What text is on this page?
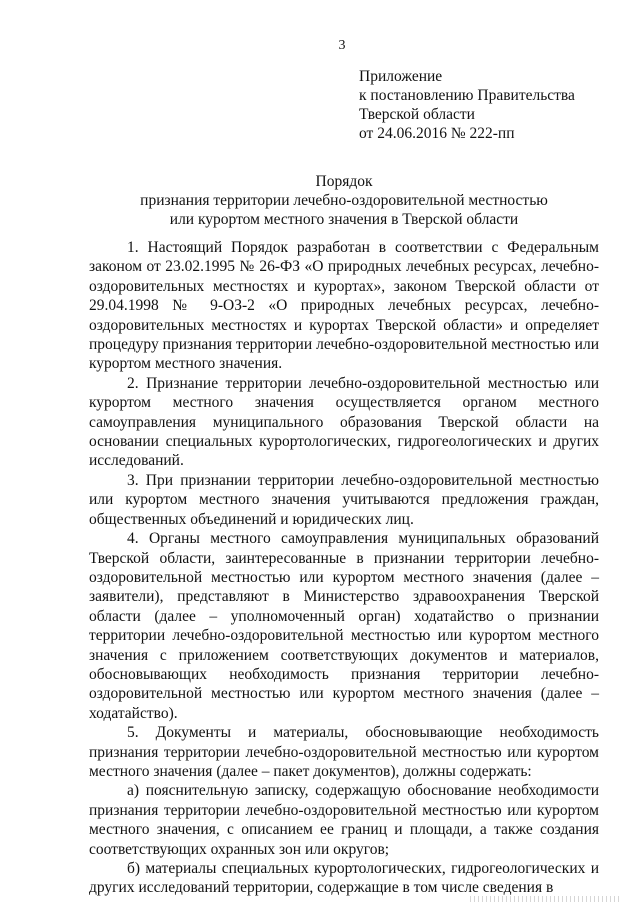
3
Приложение
к постановлению Правительства
Тверской области
от 24.06.2016 № 222-пп
Порядок
признания территории лечебно-оздоровительной местностью
или курортом местного значения в Тверской области

1. Настоящий Порядок разработан в соответствии с Федеральным законом от 23.02.1995 № 26-ФЗ «О природных лечебных ресурсах, лечебно-оздоровительных местностях и курортах», законом Тверской области от 29.04.1998 № 9-ОЗ-2 «О природных лечебных ресурсах, лечебно-оздоровительных местностях и курортах Тверской области» и определяет процедуру признания территории лечебно-оздоровительной местностью или курортом местного значения.

2. Признание территории лечебно-оздоровительной местностью или курортом местного значения осуществляется органом местного самоуправления муниципального образования Тверской области на основании специальных курортологических, гидрогеологических и других исследований.

3. При признании территории лечебно-оздоровительной местностью или курортом местного значения учитываются предложения граждан, общественных объединений и юридических лиц.

4. Органы местного самоуправления муниципальных образований Тверской области, заинтересованные в признании территории лечебно-оздоровительной местностью или курортом местного значения (далее – заявители), представляют в Министерство здравоохранения Тверской области (далее – уполномоченный орган) ходатайство о признании территории лечебно-оздоровительной местностью или курортом местного значения с приложением соответствующих документов и материалов, обосновывающих необходимость признания территории лечебно-оздоровительной местностью или курортом местного значения (далее – ходатайство).

5. Документы и материалы, обосновывающие необходимость признания территории лечебно-оздоровительной местностью или курортом местного значения (далее – пакет документов), должны содержать:

а) пояснительную записку, содержащую обоснование необходимости признания территории лечебно-оздоровительной местностью или курортом местного значения, с описанием ее границ и площади, а также создания соответствующих охранных зон или округов;

б) материалы специальных курортологических, гидрогеологических и других исследований территории, содержащие в том числе сведения в
